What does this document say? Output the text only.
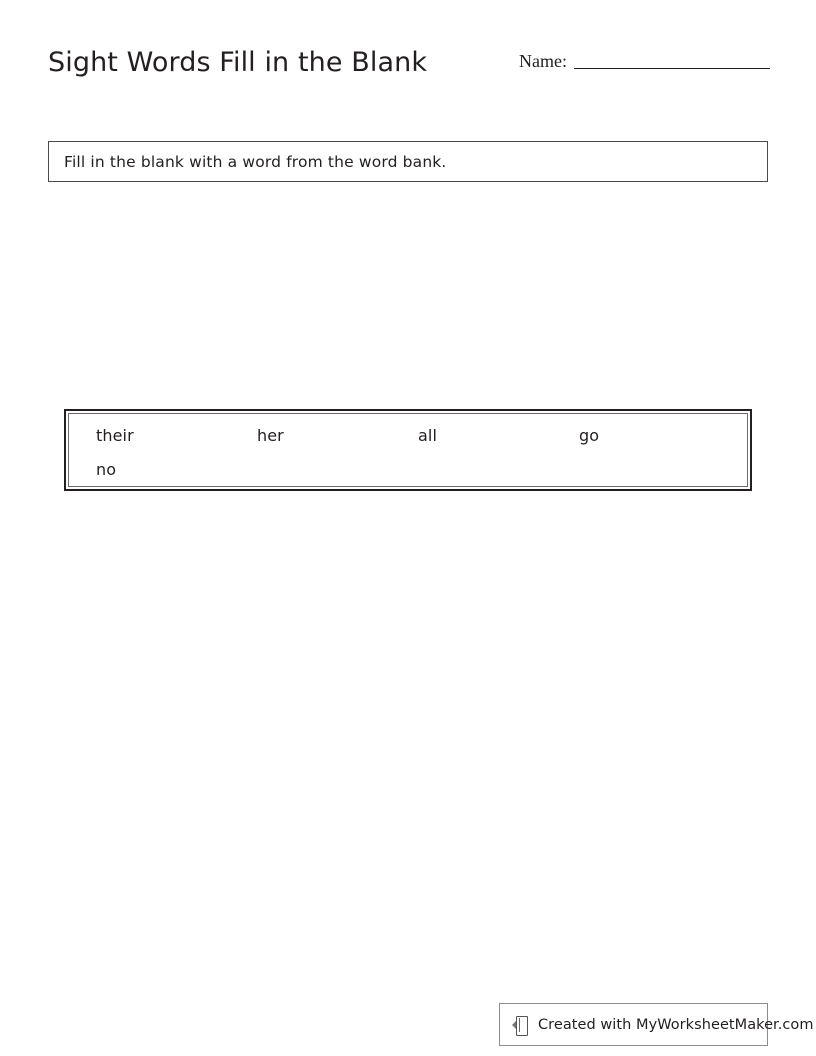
Sight Words Fill in the Blank	Name:
Fill in the blank with a word from the word bank.
their	her	all	go
no
Created with MyWorksheetMaker.com
